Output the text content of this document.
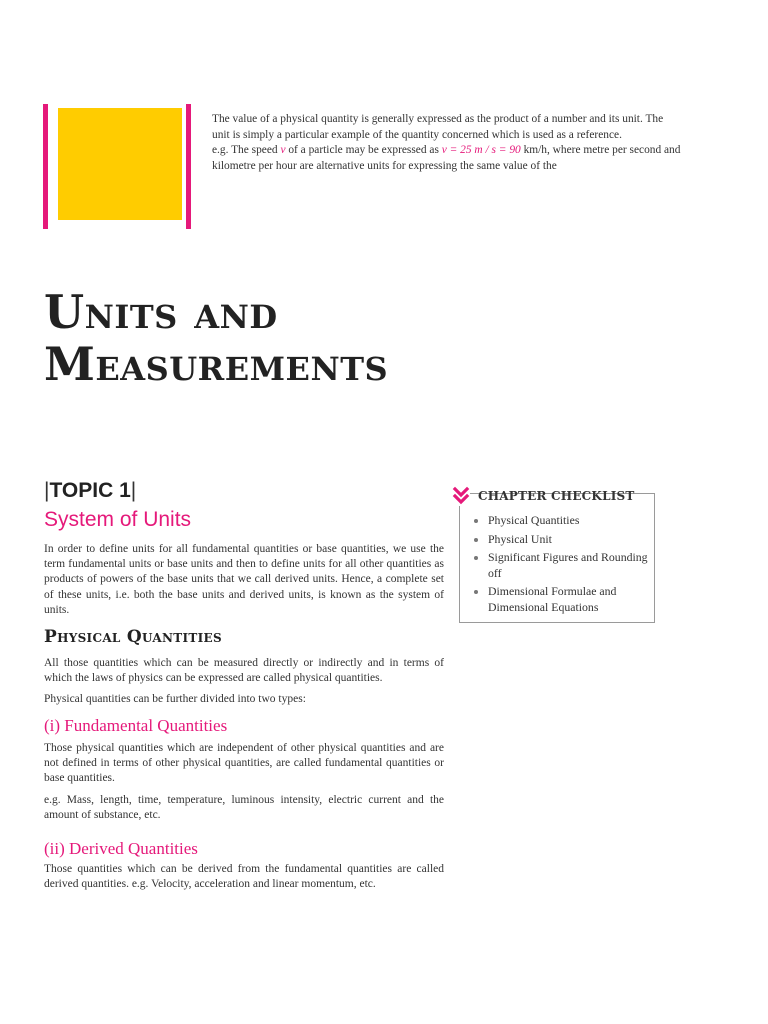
The value of a physical quantity is generally expressed as the product of a number and its unit. The unit is simply a particular example of the quantity concerned which is used as a reference.

e.g. The speed v of a particle may be expressed as v = 25 m / s = 90 km/h, where metre per second and kilometre per hour are alternative units for expressing the same value of the

Units and
Measurements
|TOPIC 1|
System of Units

In order to define units for all fundamental quantities or base quantities, we use the term fundamental units or base units and then to define units for all other quantities as products of powers of the base units that we call derived units. Hence, a complete set of these units, i.e. both the base units and derived units, is known as the system of units.

Physical Quantities

All those quantities which can be measured directly or indirectly and in terms of which the laws of physics can be expressed are called physical quantities.

Physical quantities can be further divided into two types:

(i) Fundamental Quantities

Those physical quantities which are independent of other physical quantities and are not defined in terms of other physical quantities, are called fundamental quantities or base quantities.

e.g. Mass, length, time, temperature, luminous intensity, electric current and the amount of substance, etc.

(ii) Derived Quantities

Those quantities which can be derived from the fundamental quantities are called derived quantities. e.g. Velocity, acceleration and linear momentum, etc.

Physical Quantities
Physical Unit
Significant Figures and Rounding off
Dimensional Formulae and Dimensional Equations
CHAPTER CHECKLIST
